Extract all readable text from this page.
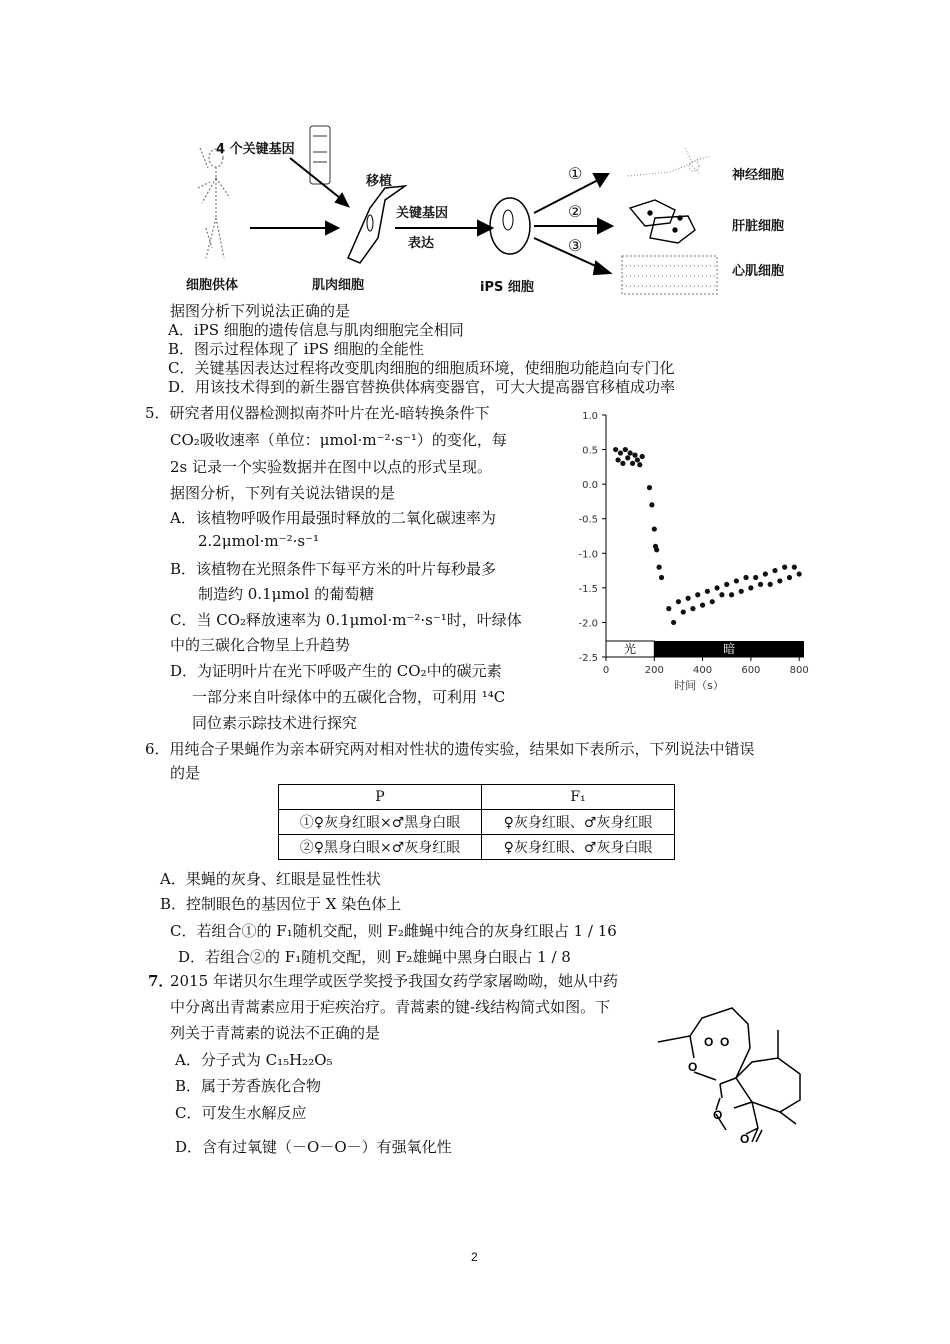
4 个关键基因
移植
关键基因
表达
细胞供体	肌肉细胞	iPS 细胞
①
②
③
神经细胞
肝脏细胞
心肌细胞
据图分析下列说法正确的是
A．iPS 细胞的遗传信息与肌肉细胞完全相同
B．图示过程体现了 iPS 细胞的全能性
C．关键基因表达过程将改变肌肉细胞的细胞质环境，使细胞功能趋向专门化
D．用该技术得到的新生器官替换供体病变器官，可大大提高器官移植成功率
5．研究者用仪器检测拟南芥叶片在光-暗转换条件下
CO₂吸收速率（单位：μmol·m⁻²·s⁻¹）的变化，每
2s 记录一个实验数据并在图中以点的形式呈现。
据图分析，下列有关说法错误的是
A．该植物呼吸作用最强时释放的二氧化碳速率为
2.2μmol·m⁻²·s⁻¹
B．该植物在光照条件下每平方米的叶片每秒最多
制造约 0.1μmol 的葡萄糖
C．当 CO₂释放速率为 0.1μmol·m⁻²·s⁻¹时，叶绿体
中的三碳化合物呈上升趋势
D．为证明叶片在光下呼吸产生的 CO₂中的碳元素
一部分来自叶绿体中的五碳化合物，可利用 ¹⁴C
同位素示踪技术进行探究
光	暗
1.0
0.5
0.0
-0.5
-1.0
-1.5
-2.0
-2.5
0	200	400	600	800
时间（s）
6．用纯合子果蝇作为亲本研究两对相对性状的遗传实验，结果如下表所示，下列说法中错误
的是
P	F₁
①♀灰身红眼×♂黑身白眼	♀灰身红眼、♂灰身红眼
②♀黑身白眼×♂灰身红眼	♀灰身红眼、♂灰身白眼
A．果蝇的灰身、红眼是显性性状
B．控制眼色的基因位于 X 染色体上
C．若组合①的 F₁随机交配，则 F₂雌蝇中纯合的灰身红眼占 1 / 16
D．若组合②的 F₁随机交配，则 F₂雄蝇中黑身白眼占 1 / 8
7．
2015 年诺贝尔生理学或医学奖授予我国女药学家屠呦呦，她从中药
中分离出青蒿素应用于疟疾治疗。青蒿素的键-线结构简式如图。下
列关于青蒿素的说法不正确的是
A．分子式为 C₁₅H₂₂O₅
B．属于芳香族化合物
C．可发生水解反应
D．含有过氧键（－O－O－）有强氧化性
O O
O
O
O
2
